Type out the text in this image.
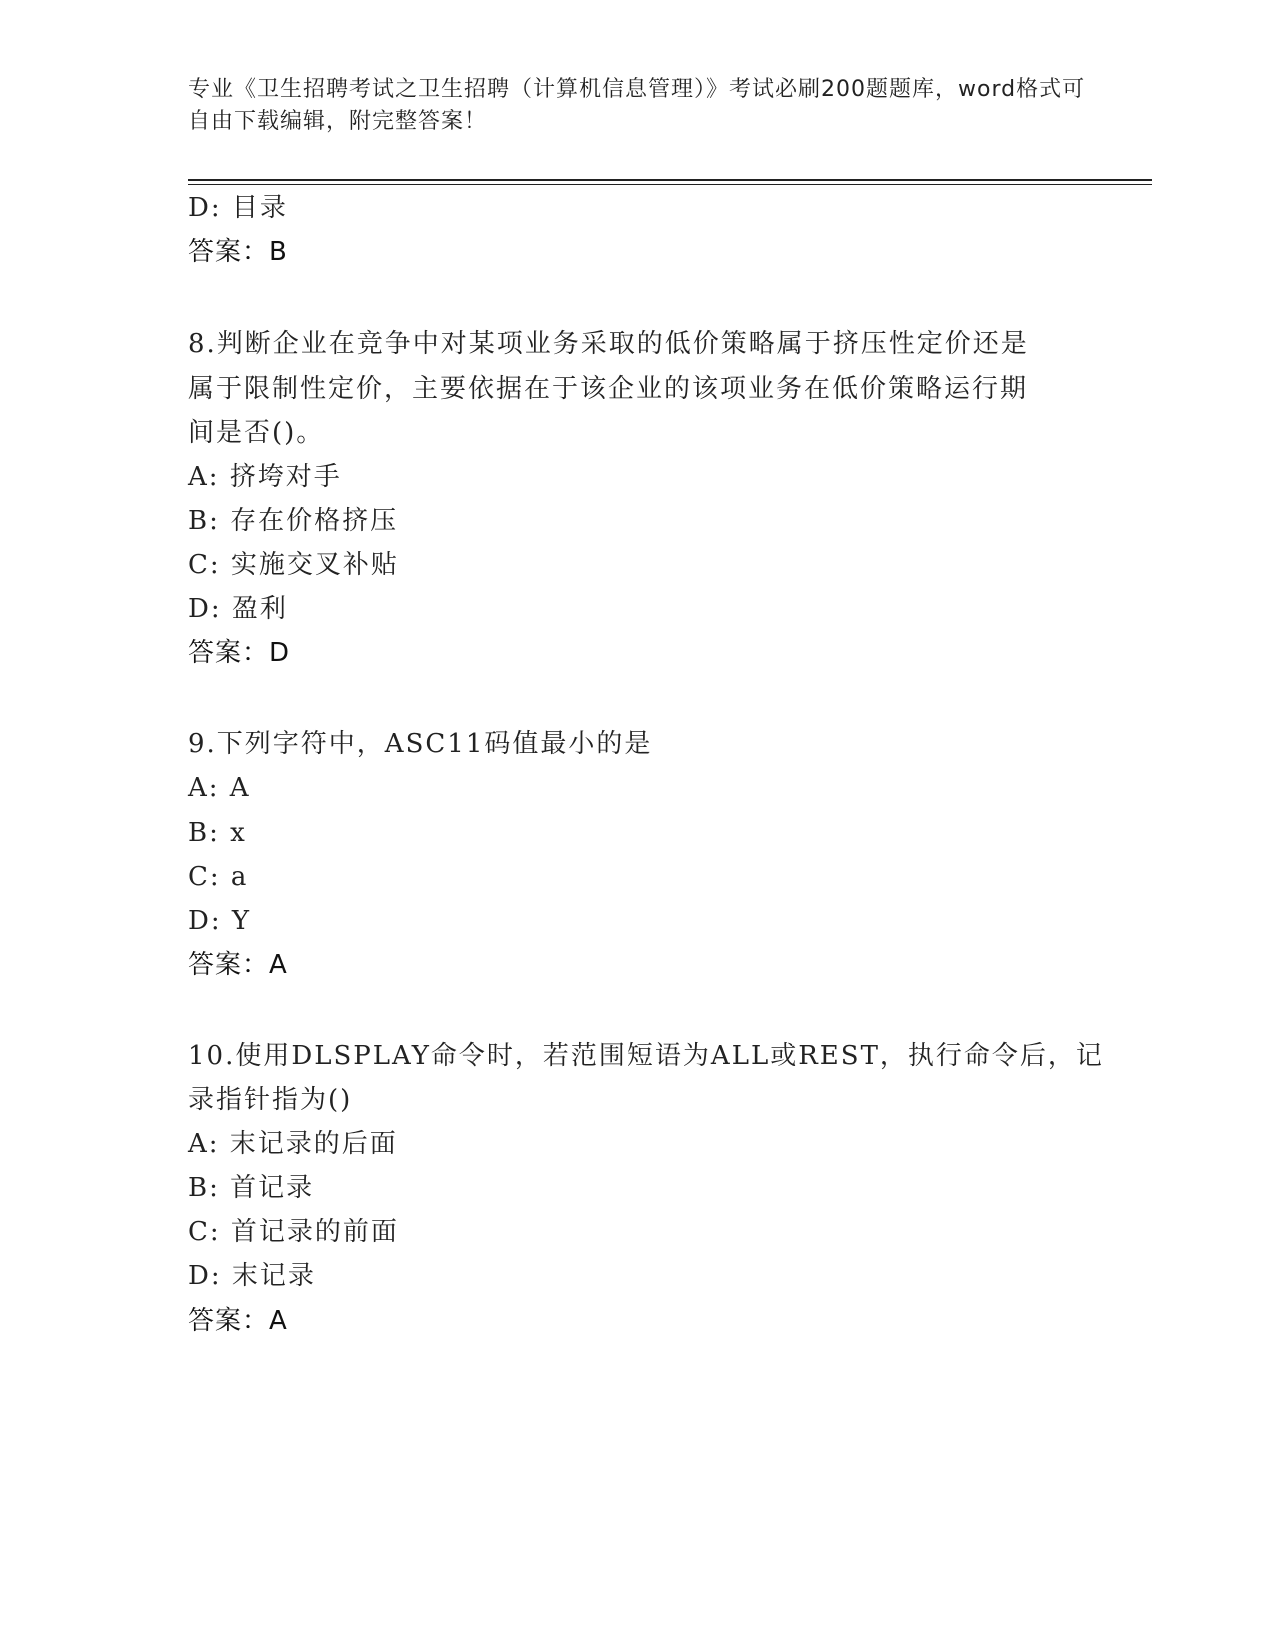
专业《卫生招聘考试之卫生招聘（计算机信息管理）》考试必刷200题题库，word格式可自由下载编辑，附完整答案！
D: 目录
答案：B
8.判断企业在竞争中对某项业务采取的低价策略属于挤压性定价还是
属于限制性定价，主要依据在于该企业的该项业务在低价策略运行期
间是否()。
A: 挤垮对手
B: 存在价格挤压
C: 实施交叉补贴
D: 盈利
答案：D
9.下列字符中，ASC11码值最小的是
A: A
B: x
C: a
D: Y
答案：A
10.使用DLSPLAY命令时，若范围短语为ALL或REST，执行命令后，记
录指针指为()
A: 末记录的后面
B: 首记录
C: 首记录的前面
D: 末记录
答案：A
